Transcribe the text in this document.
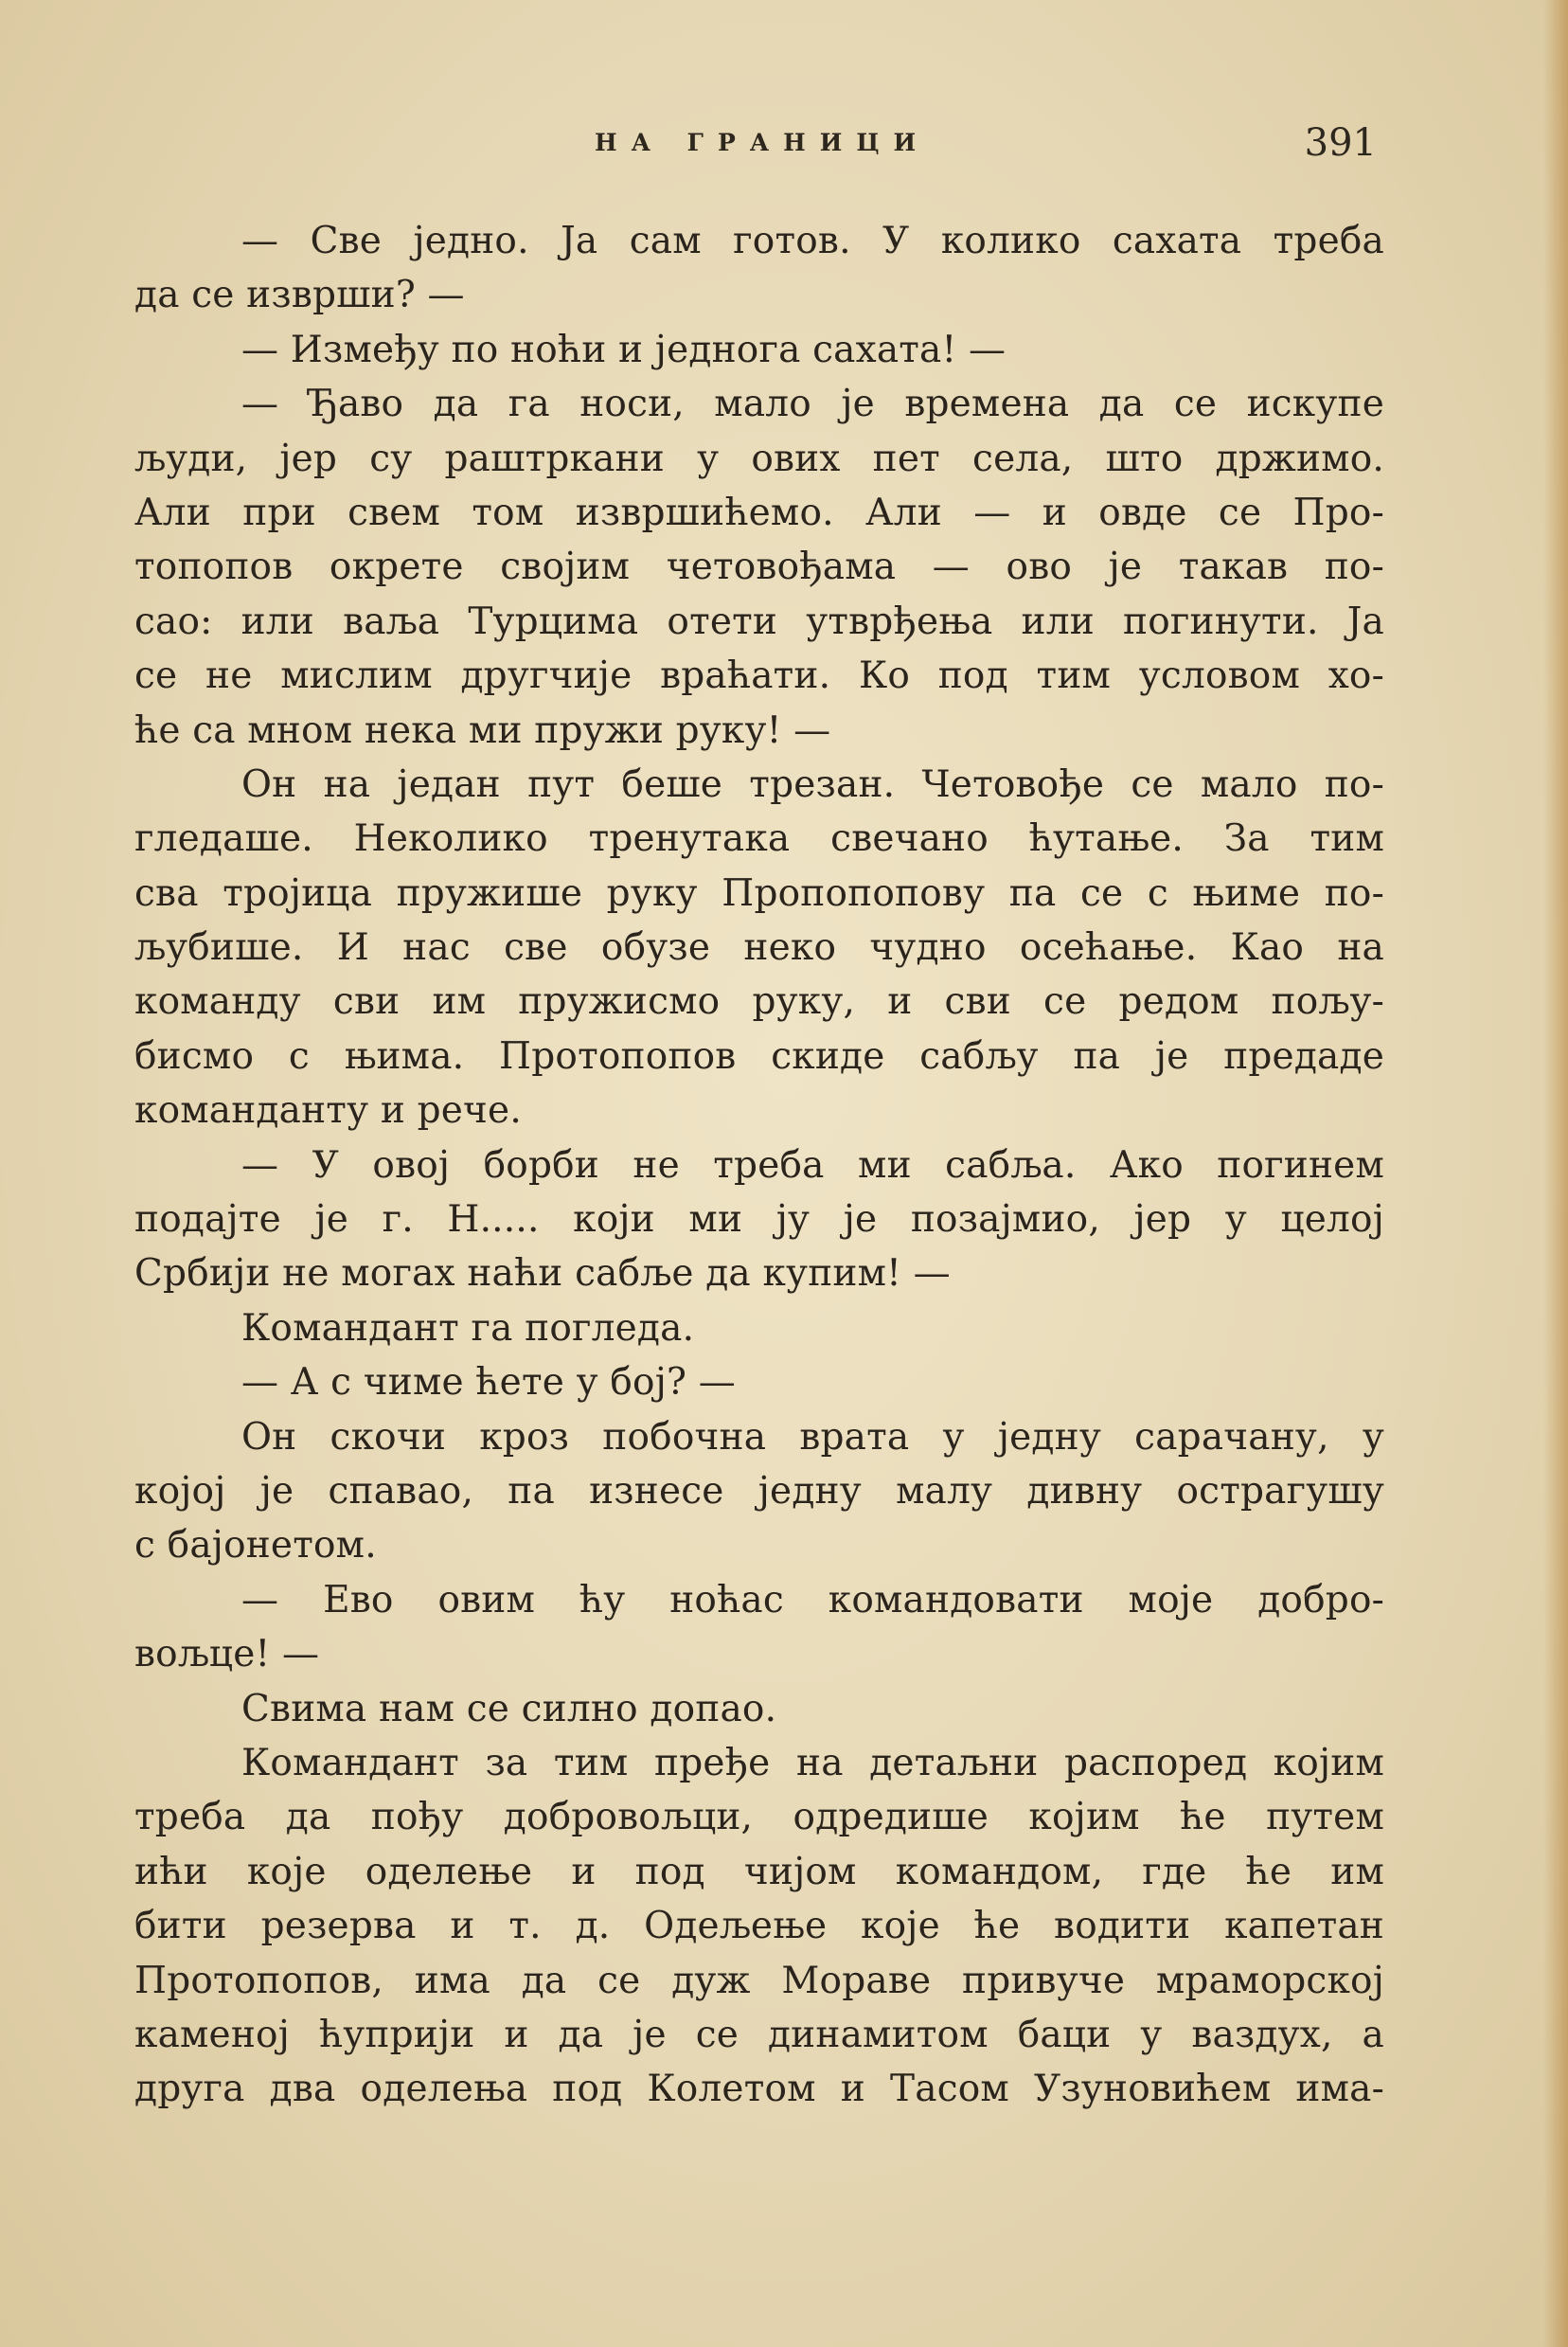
НА ГРАНИЦИ	391
— Све једно. Ја сам готов. У колико сахата треба
да се изврши? —
— Између по ноћи и једнога сахата! —
— Ђаво да га носи, мало је времена да се искупе
људи, јер су раштркани у ових пет села, што држимо.
Али при свем том извршићемо. Али — и овде се Про-
топопов окрете својим четовођама — ово је такав по-
сао: или ваља Турцима отети утврђења или погинути. Ја
се не мислим другчије враћати. Ко под тим условом хо-
ће са мном нека ми пружи руку! —
Он на један пут беше трезан. Четовође се мало по-
гледаше. Неколико тренутака свечано ћутање. За тим
сва тројица пружише руку Пропопопову па се с њиме по-
љубише. И нас све обузе неко чудно осећање. Као на
команду сви им пружисмо руку, и сви се редом пољу-
бисмо с њима. Протопопов скиде сабљу па је предаде
команданту и рече.
— У овој борби не треба ми сабља. Ако погинем
подајте је г. Н..... који ми ју је позајмио, јер у целој
Србији не могах наћи сабље да купим! —
Командант га погледа.
— А с чиме ћете у бој? —
Он скочи кроз побочна врата у једну сарачану, у
којој је спавао, па изнесе једну малу дивну острагушу
с бајонетом.
— Ево овим ћу ноћас командовати моје добро-
вољце! —
Свима нам се силно допао.
Командант за тим пређе на детаљни распоред којим
треба да пођу добровољци, одредише којим ће путем
ићи које оделење и под чијом командом, где ће им
бити резерва и т. д. Одељење које ће водити капетан
Протопопов, има да се дуж Мораве привуче мраморској
каменој ћуприји и да је се динамитом баци у ваздух, а
друга два оделења под Колетом и Тасом Узуновићем има-
